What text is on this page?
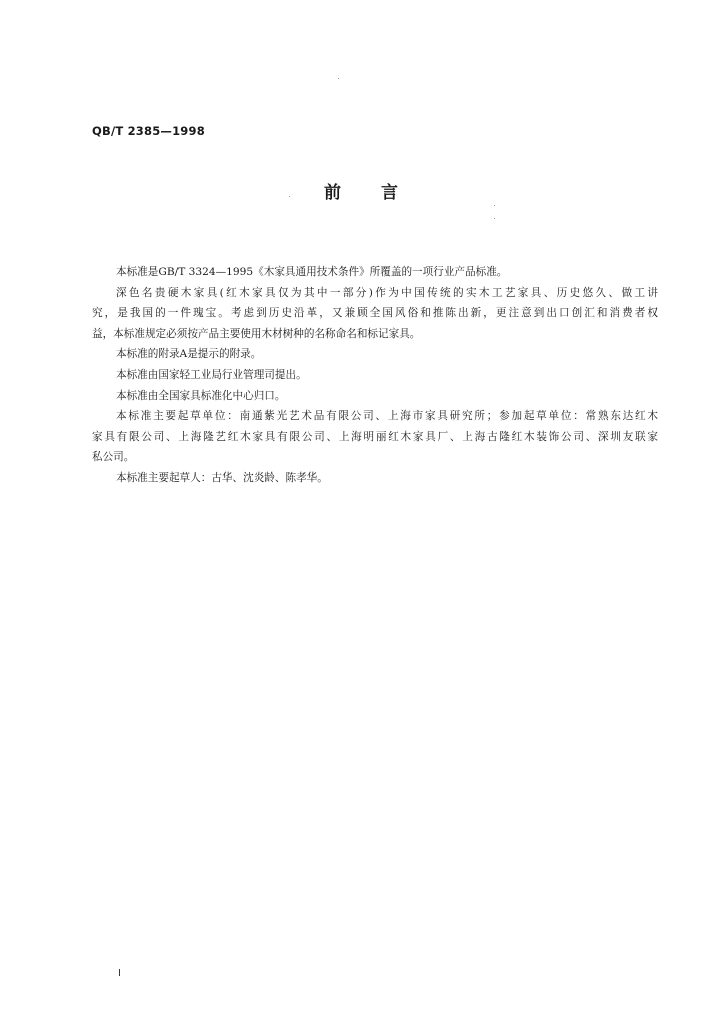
QB/T 2385—1998
前言
本标准是GB/T 3324—1995《木家具通用技术条件》所覆盖的一项行业产品标准。
深色名贵硬木家具(红木家具仅为其中一部分)作为中国传统的实木工艺家具、历史悠久、做工讲
究，是我国的一件瑰宝。考虑到历史沿革，又兼顾全国风俗和推陈出新，更注意到出口创汇和消费者权
益，本标准规定必须按产品主要使用木材树种的名称命名和标记家具。
本标准的附录A是提示的附录。
本标准由国家轻工业局行业管理司提出。
本标准由全国家具标准化中心归口。
本标准主要起草单位：南通紫光艺术品有限公司、上海市家具研究所；参加起草单位：常熟东达红木
家具有限公司、上海隆艺红木家具有限公司、上海明丽红木家具厂、上海古隆红木装饰公司、深圳友联家
私公司。
本标准主要起草人：古华、沈炎龄、陈孝华。
I
